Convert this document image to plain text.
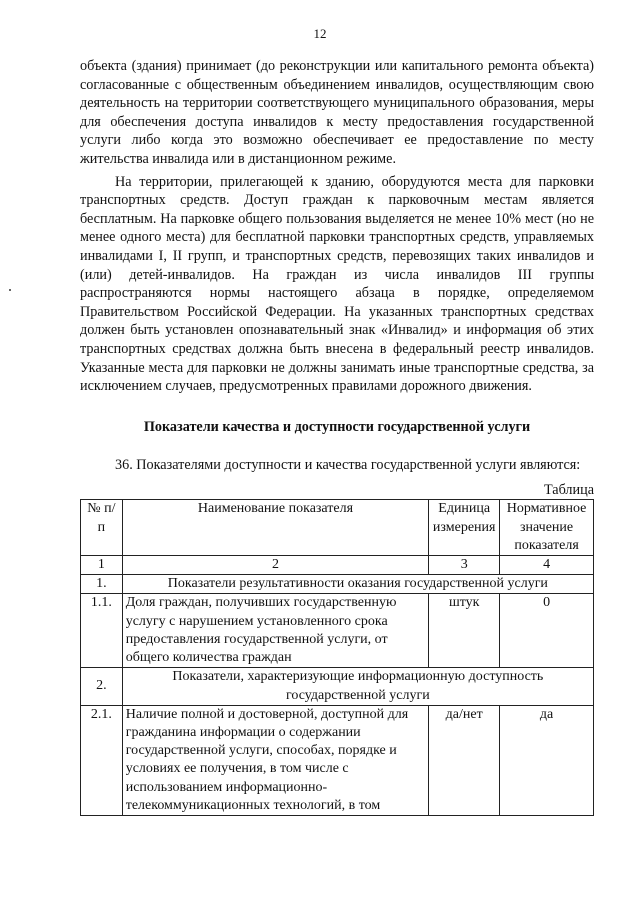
12

объекта (здания) принимает (до реконструкции или капитального ремонта объекта) согласованные с общественным объединением инвалидов, осуществляющим свою деятельность на территории соответствующего муниципального образования, меры для обеспечения доступа инвалидов к месту предоставления государственной услуги либо когда это возможно обеспечивает ее предоставление по месту жительства инвалида или в дистанционном режиме.

На территории, прилегающей к зданию, оборудуются места для парковки транспортных средств. Доступ граждан к парковочным местам является бесплатным. На парковке общего пользования выделяется не менее 10% мест (но не менее одного места) для бесплатной парковки транспортных средств, управляемых инвалидами I, II групп, и транспортных средств, перевозящих таких инвалидов и (или) детей-инвалидов. На граждан из числа инвалидов III группы распространяются нормы настоящего абзаца в порядке, определяемом Правительством Российской Федерации. На указанных транспортных средствах должен быть установлен опознавательный знак «Инвалид» и информация об этих транспортных средствах должна быть внесена в федеральный реестр инвалидов. Указанные места для парковки не должны занимать иные транспортные средства, за исключением случаев, предусмотренных правилами дорожного движения.

Показатели качества и доступности государственной услуги

36. Показателями доступности и качества государственной услуги являются:

Таблица
№ п/п	Наименование показателя	Единица измерения	Нормативное значение показателя
1	2	3	4
1.	Показатели результативности оказания государственной услуги		
1.1.	Доля граждан, получивших государственную услугу с нарушением установленного срока предоставления государственной услуги, от общего количества граждан	штук	0
2.	Показатели, характеризующие информационную доступность государственной услуги		
2.1.	Наличие полной и достоверной, доступной для гражданина информации о содержании государственной услуги, способах, порядке и условиях ее получения, в том числе с использованием информационно-телекоммуникационных технологий, в том	да/нет	да
